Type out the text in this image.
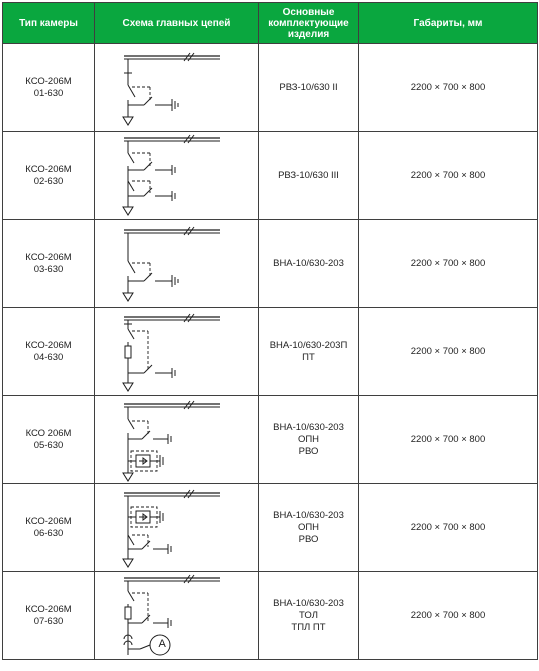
Тип камеры	Схема главных цепей	Основные
комплектующие
изделия	Габариты, мм
КСО-206М
01-630		РВЗ-10/630 II	2200 × 700 × 800
КСО-206М
02-630		РВЗ-10/630 III	2200 × 700 × 800
КСО-206М
03-630		ВНА-10/630-203	2200 × 700 × 800
КСО-206М
04-630		ВНА-10/630-203П
ПТ	2200 × 700 × 800
КСО 206М
05-630		ВНА-10/630-203
ОПН
РВО	2200 × 700 × 800
КСО-206М
06-630		ВНА-10/630-203
ОПН
РВО	2200 × 700 × 800
КСО-206М
07-630	A	ВНА-10/630-203
ТОЛ
ТПЛ ПТ	2200 × 700 × 800
